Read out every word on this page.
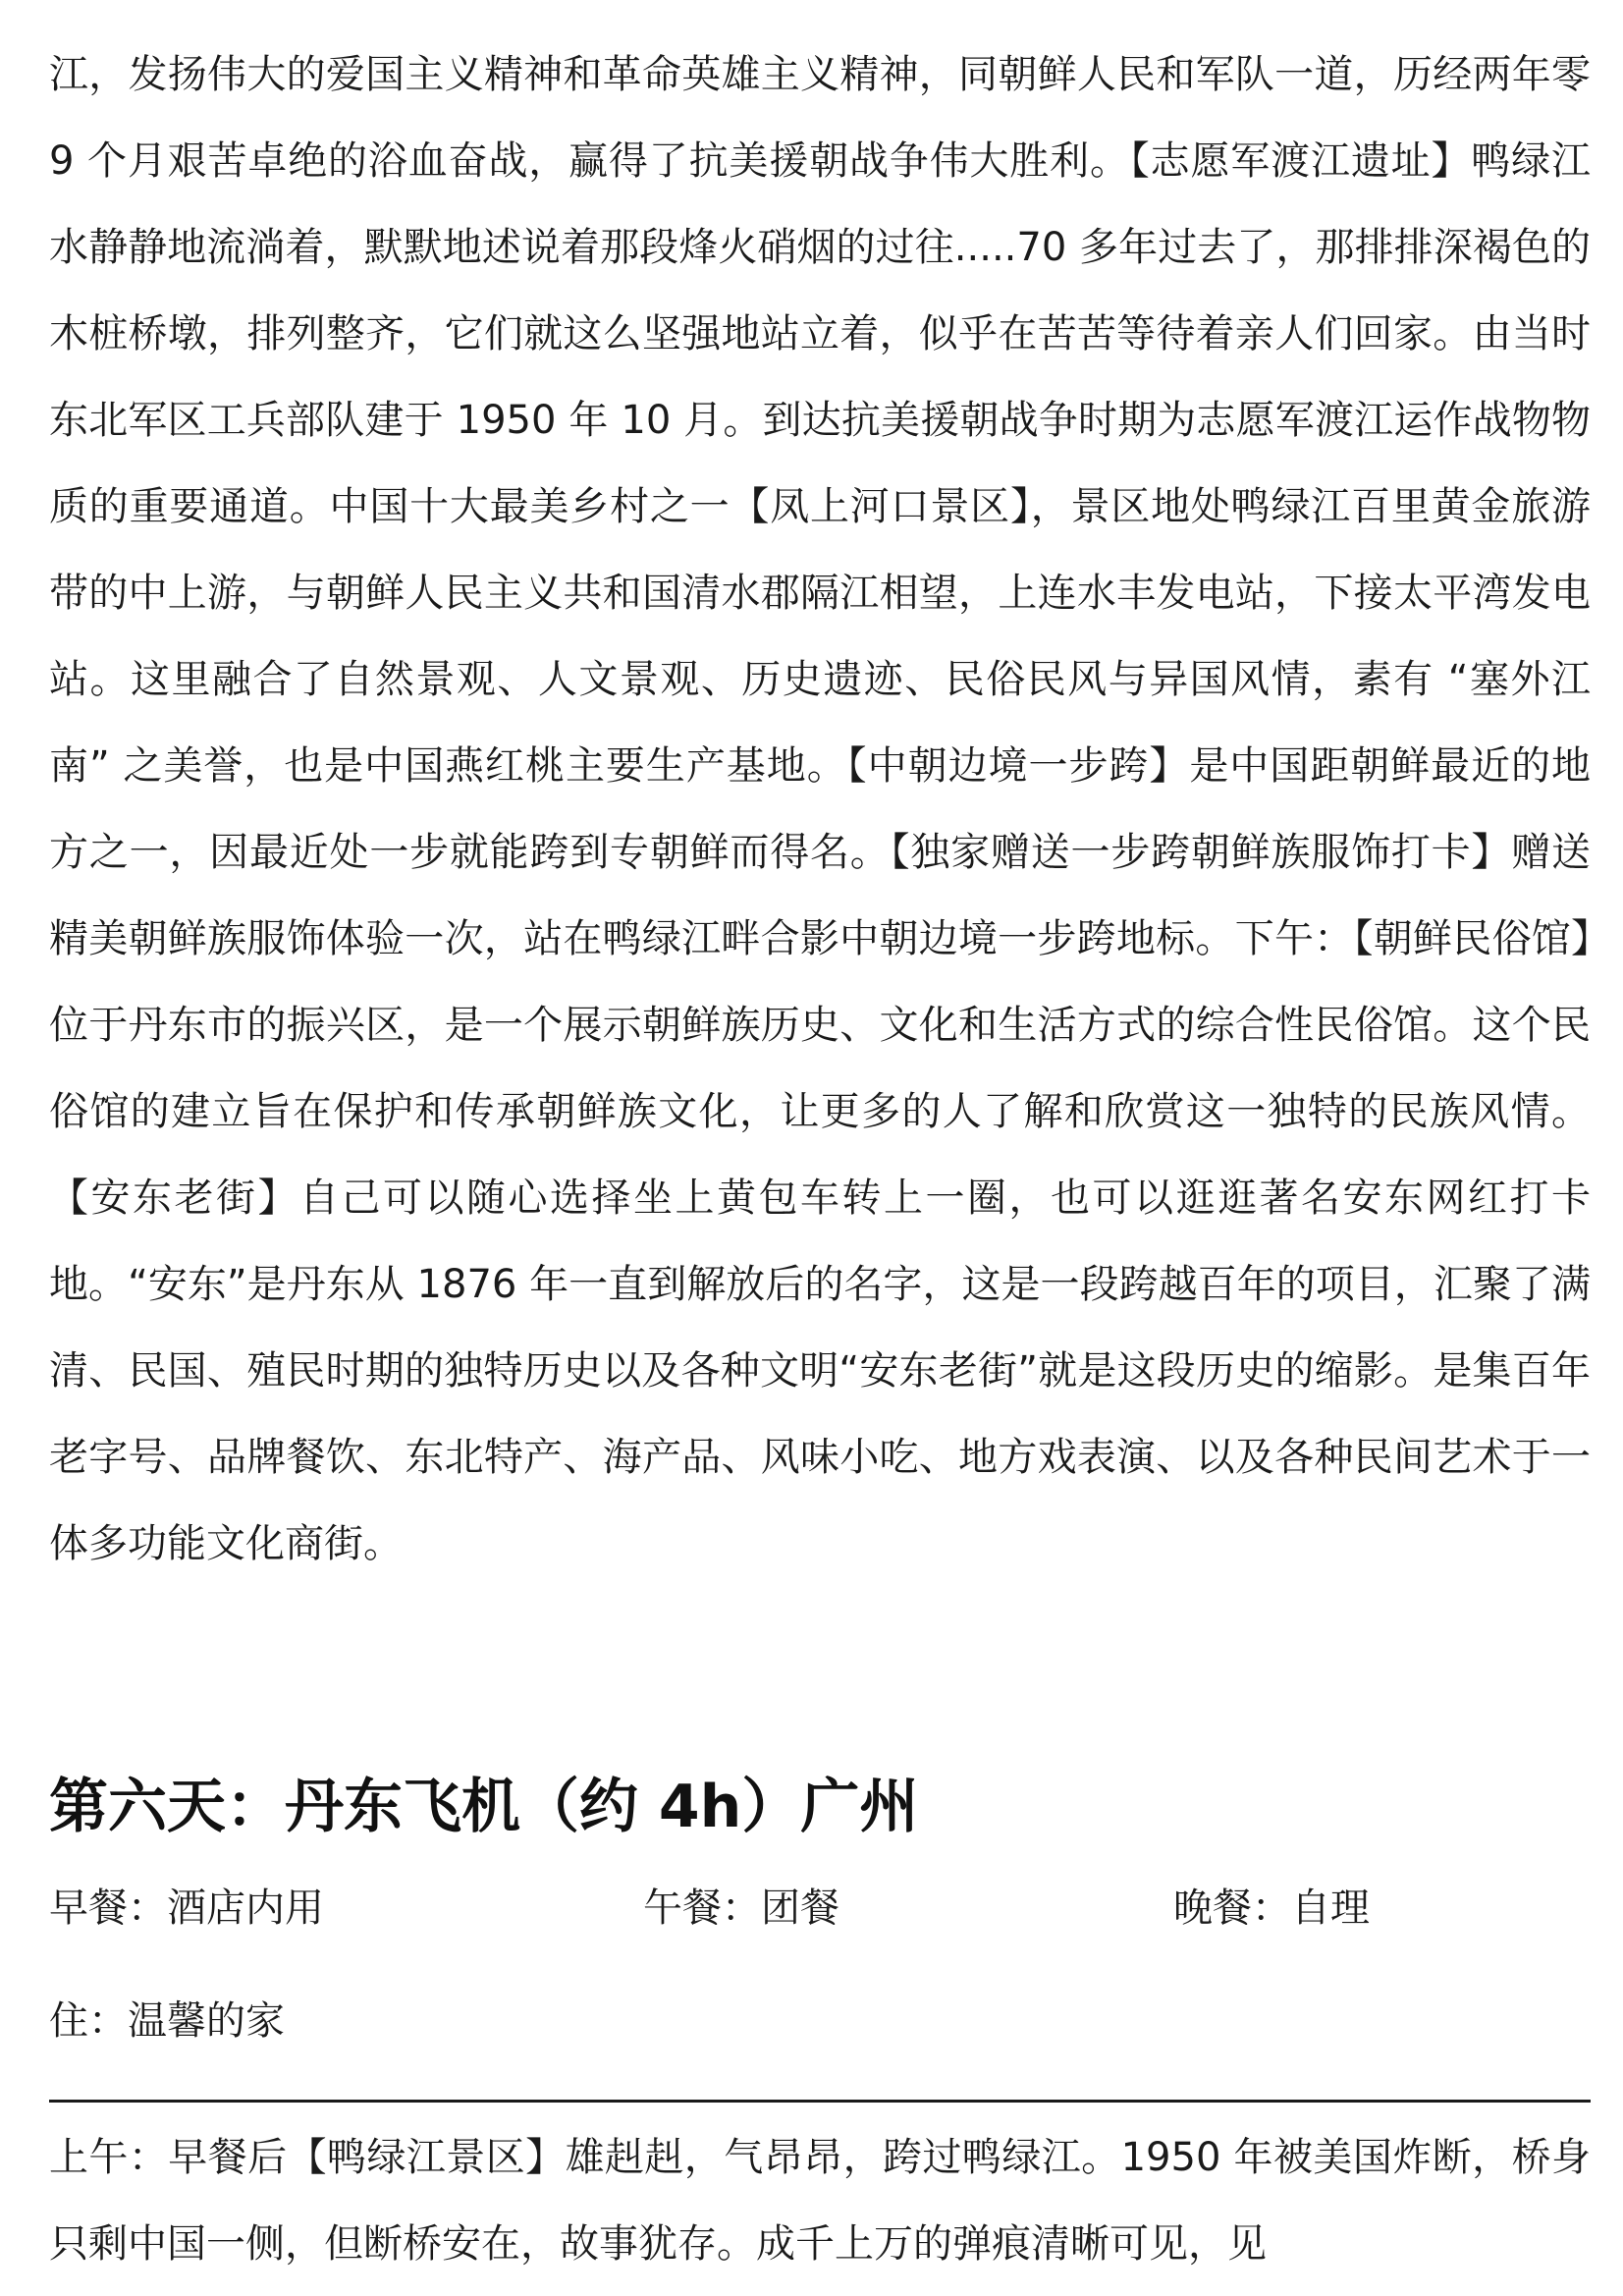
江，发扬伟大的爱国主义精神和革命英雄主义精神，同朝鲜人民和军队一道，历经两年零 9 个月艰苦卓绝的浴血奋战，赢得了抗美援朝战争伟大胜利。【志愿军渡江遗址】鸭绿江水静静地流淌着，默默地述说着那段烽火硝烟的过往.....70 多年过去了，那排排深褐色的木桩桥墩，排列整齐，它们就这么坚强地站立着，似乎在苦苦等待着亲人们回家。由当时东北军区工兵部队建于 1950 年 10 月。到达抗美援朝战争时期为志愿军渡江运作战物物质的重要通道。中国十大最美乡村之一【凤上河口景区】，景区地处鸭绿江百里黄金旅游带的中上游，与朝鲜人民主义共和国清水郡隔江相望，上连水丰发电站，下接太平湾发电站。这里融合了自然景观、人文景观、历史遗迹、民俗民风与异国风情，素有 “塞外江南” 之美誉，也是中国燕红桃主要生产基地。【中朝边境一步跨】是中国距朝鲜最近的地方之一，因最近处一步就能跨到专朝鲜而得名。【独家赠送一步跨朝鲜族服饰打卡】赠送精美朝鲜族服饰体验一次，站在鸭绿江畔合影中朝边境一步跨地标。下午：【朝鲜民俗馆】位于丹东市的振兴区，是一个展示朝鲜族历史、文化和生活方式的综合性民俗馆。这个民俗馆的建立旨在保护和传承朝鲜族文化，让更多的人了解和欣赏这一独特的民族风情。【安东老街】自己可以随心选择坐上黄包车转上一圈，也可以逛逛著名安东网红打卡地。“安东”是丹东从 1876 年一直到解放后的名字，这是一段跨越百年的项目，汇聚了满清、民国、殖民时期的独特历史以及各种文明“安东老街”就是这段历史的缩影。是集百年老字号、品牌餐饮、东北特产、海产品、风味小吃、地方戏表演、以及各种民间艺术于一体多功能文化商街。

第六天：丹东飞机（约 4h）广州
早餐：酒店内用	午餐：团餐	晚餐：自理
住：温馨的家

上午：早餐后【鸭绿江景区】雄赳赳，气昂昂，跨过鸭绿江。1950 年被美国炸断，桥身只剩中国一侧，但断桥安在，故事犹存。成千上万的弹痕清晰可见，见
